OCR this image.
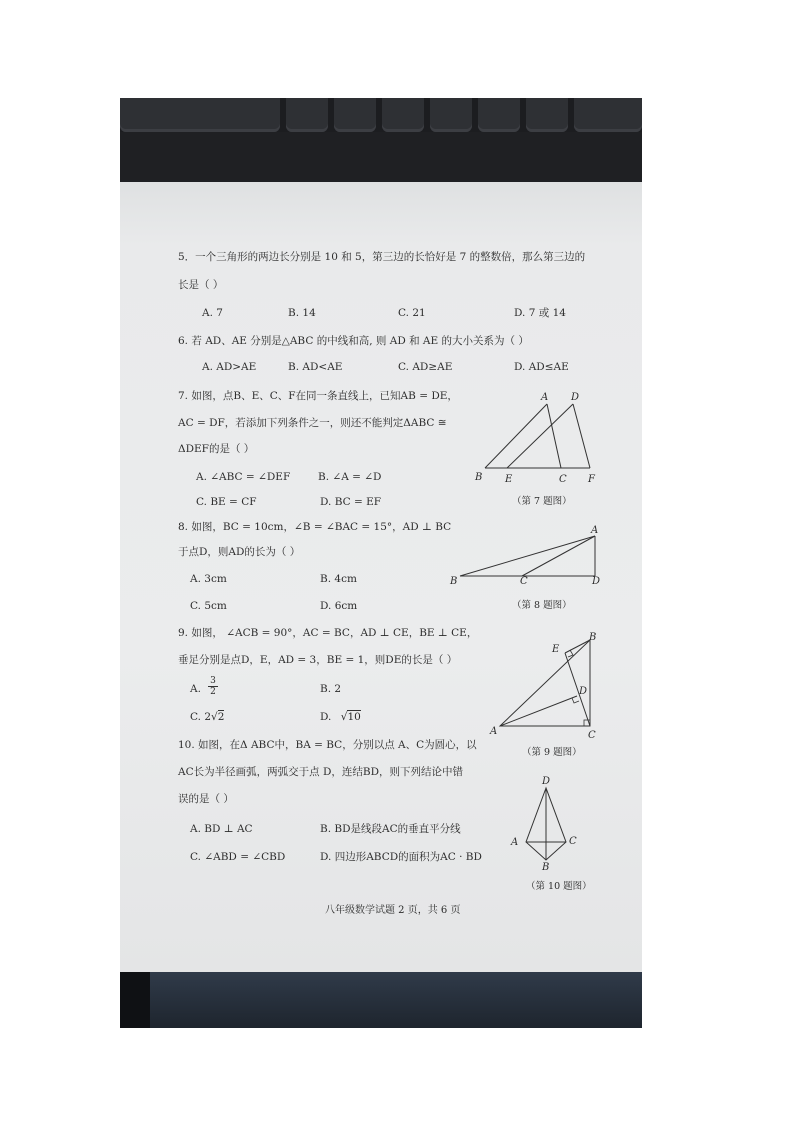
5．一个三角形的两边长分别是 10 和 5，第三边的长恰好是 7 的整数倍，那么第三边的
长是（ ）
A. 7	B. 14	C. 21	D. 7 或 14
6. 若 AD、AE 分别是△ABC 的中线和高, 则 AD 和 AE 的大小关系为（ ）
A. AD>AE	B. AD<AE	C. AD≥AE	D. AD≤AE
7. 如图，点B、E、C、F在同一条直线上，已知AB = DE，
AC = DF，若添加下列条件之一，则还不能判定ΔABC ≅
ΔDEF的是（ ）
A. ∠ABC = ∠DEF	B. ∠A = ∠D
C. BE = CF	D. BC = EF
A D
B E	C F
（第 7 题图）
8. 如图，BC = 10cm，∠B = ∠BAC = 15°，AD ⊥ BC
于点D，则AD的长为（ ）
A. 3cm	B. 4cm
C. 5cm	D. 6cm
A
B	C	D
（第 8 题图）
9. 如图， ∠ACB = 90°，AC = BC，AD ⊥ CE，BE ⊥ CE，
垂足分别是点D，E，AD = 3，BE = 1，则DE的长是（ ）
A. $\frac{3}{2}$	B. 2
C. 2√2	D. √10
B
E
D
A	C
（第 9 题图）
10. 如图，在Δ ABC中，BA = BC，分别以点 A、C为圆心，以
AC长为半径画弧，两弧交于点 D，连结BD，则下列结论中错
误的是（ ）
A. BD ⊥ AC	B. BD是线段AC的垂直平分线
C. ∠ABD = ∠CBD	D. 四边形ABCD的面积为AC · BD
D
A	C
B
（第 10 题图）
八年级数学试题 2 页，共 6 页
